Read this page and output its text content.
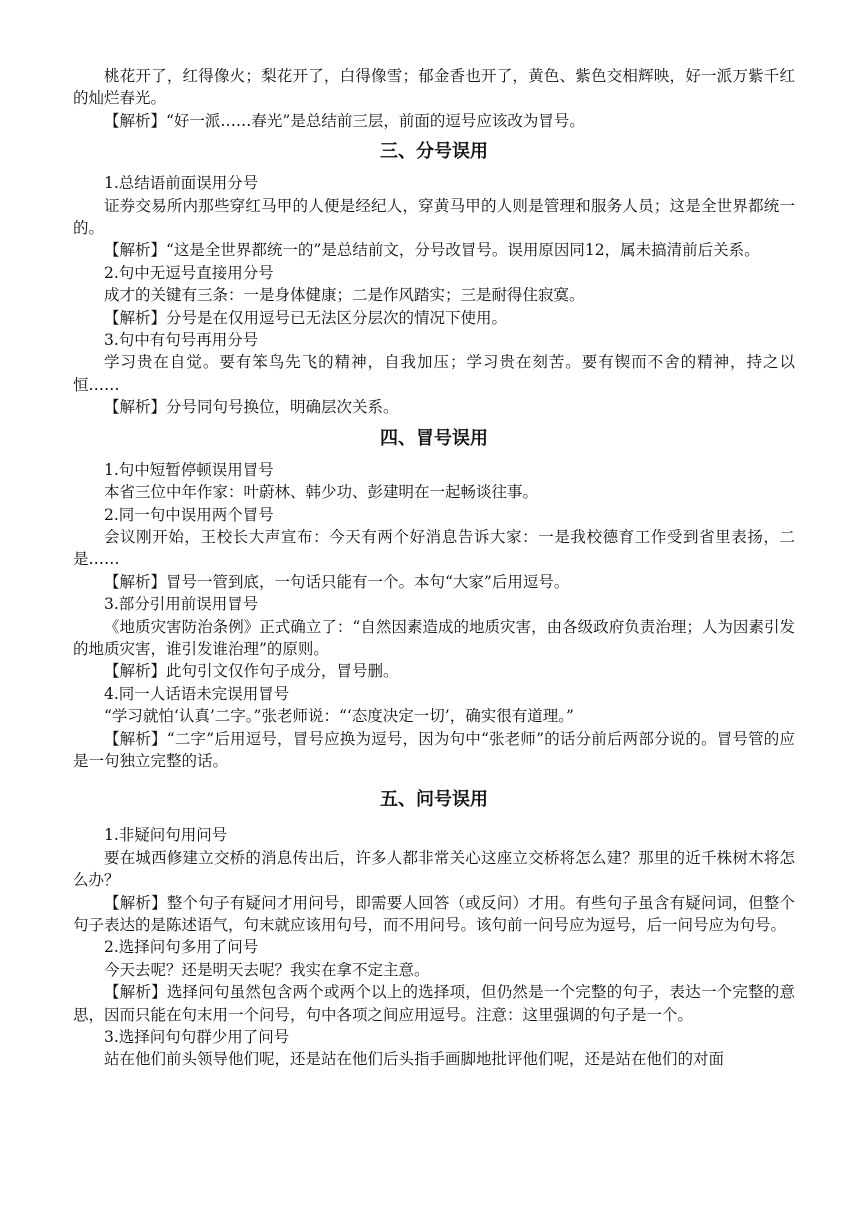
桃花开了，红得像火；梨花开了，白得像雪；郁金香也开了，黄色、紫色交相辉映，好一派万紫千红的灿烂春光。

【解析】“好一派……春光”是总结前三层，前面的逗号应该改为冒号。

三、分号误用

1.总结语前面误用分号

证券交易所内那些穿红马甲的人便是经纪人，穿黄马甲的人则是管理和服务人员；这是全世界都统一的。

【解析】“这是全世界都统一的”是总结前文，分号改冒号。误用原因同12，属未搞清前后关系。

2.句中无逗号直接用分号

成才的关键有三条：一是身体健康；二是作风踏实；三是耐得住寂寞。

【解析】分号是在仅用逗号已无法区分层次的情况下使用。

3.句中有句号再用分号

学习贵在自觉。要有笨鸟先飞的精神，自我加压；学习贵在刻苦。要有锲而不舍的精神，持之以恒……

【解析】分号同句号换位，明确层次关系。

四、冒号误用

1.句中短暂停顿误用冒号

本省三位中年作家：叶蔚林、韩少功、彭建明在一起畅谈往事。

2.同一句中误用两个冒号

会议刚开始，王校长大声宣布：今天有两个好消息告诉大家：一是我校德育工作受到省里表扬，二是……

【解析】冒号一管到底，一句话只能有一个。本句“大家”后用逗号。

3.部分引用前误用冒号

《地质灾害防治条例》正式确立了：“自然因素造成的地质灾害，由各级政府负责治理；人为因素引发的地质灾害，谁引发谁治理”的原则。

【解析】此句引文仅作句子成分，冒号删。

4.同一人话语未完误用冒号

“学习就怕‘认真’二字。”张老师说：“‘态度决定一切’，确实很有道理。”

【解析】“二字”后用逗号，冒号应换为逗号，因为句中“张老师”的话分前后两部分说的。冒号管的应是一句独立完整的话。

五、问号误用

1.非疑问句用问号

要在城西修建立交桥的消息传出后，许多人都非常关心这座立交桥将怎么建？那里的近千株树木将怎么办？

【解析】整个句子有疑问才用问号，即需要人回答（或反问）才用。有些句子虽含有疑问词，但整个句子表达的是陈述语气，句末就应该用句号，而不用问号。该句前一问号应为逗号，后一问号应为句号。

2.选择问句多用了问号

今天去呢？还是明天去呢？我实在拿不定主意。

【解析】选择问句虽然包含两个或两个以上的选择项，但仍然是一个完整的句子，表达一个完整的意思，因而只能在句末用一个问号，句中各项之间应用逗号。注意：这里强调的句子是一个。

3.选择问句句群少用了问号

站在他们前头领导他们呢，还是站在他们后头指手画脚地批评他们呢，还是站在他们的对面
